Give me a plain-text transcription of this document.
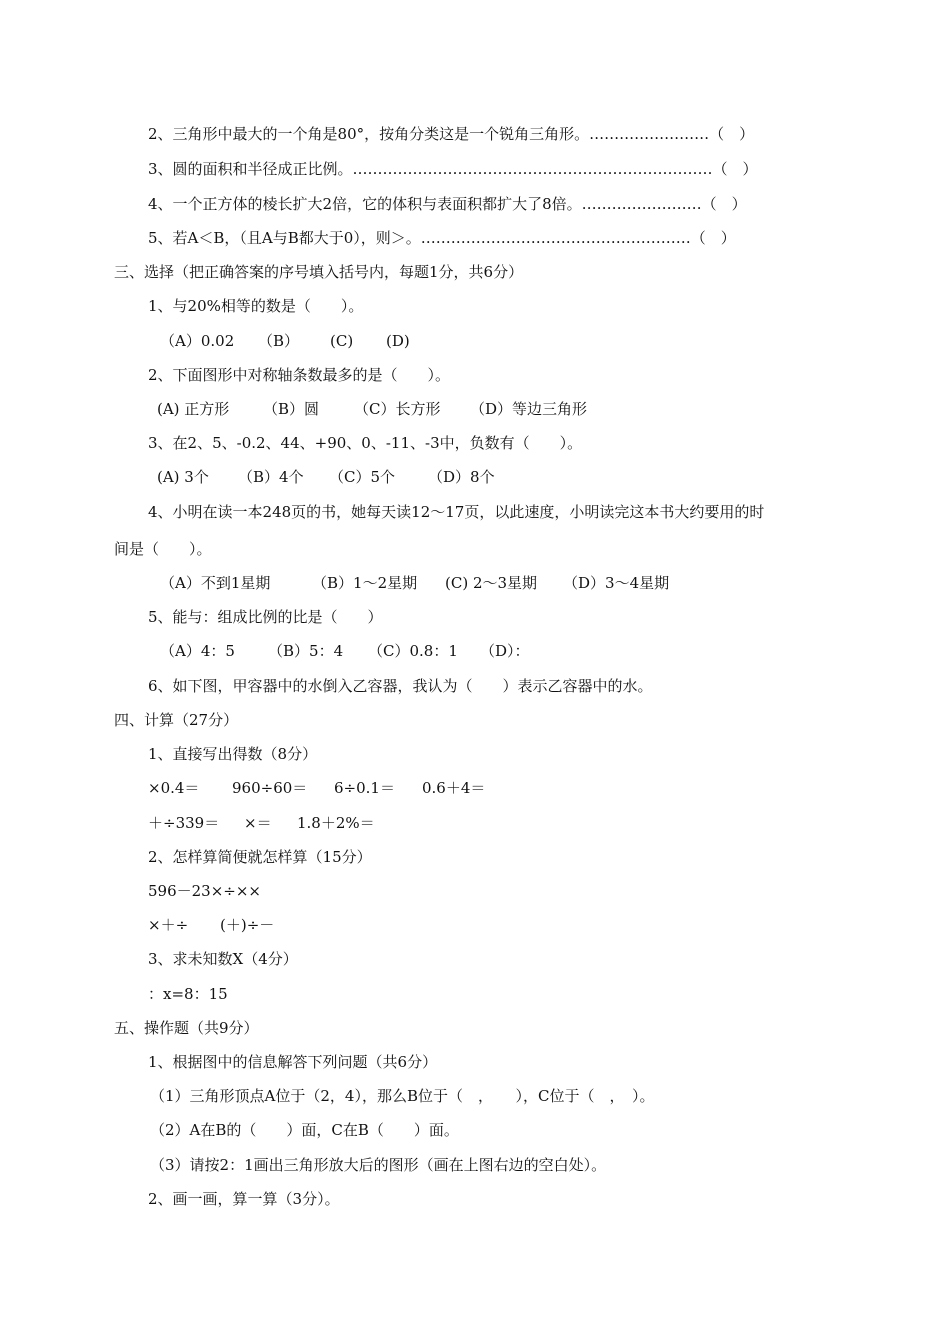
2、三角形中最大的一个角是80°，按角分类这是一个锐角三角形。……………………（　）
3、圆的面积和半径成正比例。………………………………………………………………（　）
4、一个正方体的棱长扩大2倍，它的体积与表面积都扩大了8倍。……………………（　）
5、若A＜B，（且A与B都大于0），则＞。………………………………………………（　）
三、选择（把正确答案的序号填入括号内，每题1分，共6分）
1、与20%相等的数是（　　）。
（A）0.02 （B） (C) (D)
2、下面图形中对称轴条数最多的是（　　）。
(A) 正方形 （B）圆 （C）长方形 （D）等边三角形
3、在2、5、-0.2、44、+90、0、-11、-3中，负数有（　　）。
(A) 3个 （B）4个 （C）5个 （D）8个
4、小明在读一本248页的书，她每天读12～17页，以此速度，小明读完这本书大约要用的时
间是（　　）。
（A）不到1星期	（B）1～2星期 (C) 2～3星期 （D）3～4星期
5、能与：组成比例的比是（　　）
（A）4：5 （B）5：4 （C）0.8：1 （D）：
6、如下图，甲容器中的水倒入乙容器，我认为（　　）表示乙容器中的水。
四、计算（27分）
1、直接写出得数（8分）
×0.4＝ 960÷60＝ 6÷0.1＝ 0.6＋4＝
＋÷339＝ ×＝ 1.8＋2%＝
2、怎样算简便就怎样算（15分）
596－23×÷××
×＋÷ (＋)÷－
3、求未知数X（4分）
：x=8：15
五、操作题（共9分）
1、根据图中的信息解答下列问题（共6分）
（1）三角形顶点A位于（2，4），那么B位于（　，　　），C位于（　，　）。
（2）A在B的（　　）面，C在B（　　）面。
（3）请按2：1画出三角形放大后的图形（画在上图右边的空白处）。
2、画一画，算一算（3分）。
